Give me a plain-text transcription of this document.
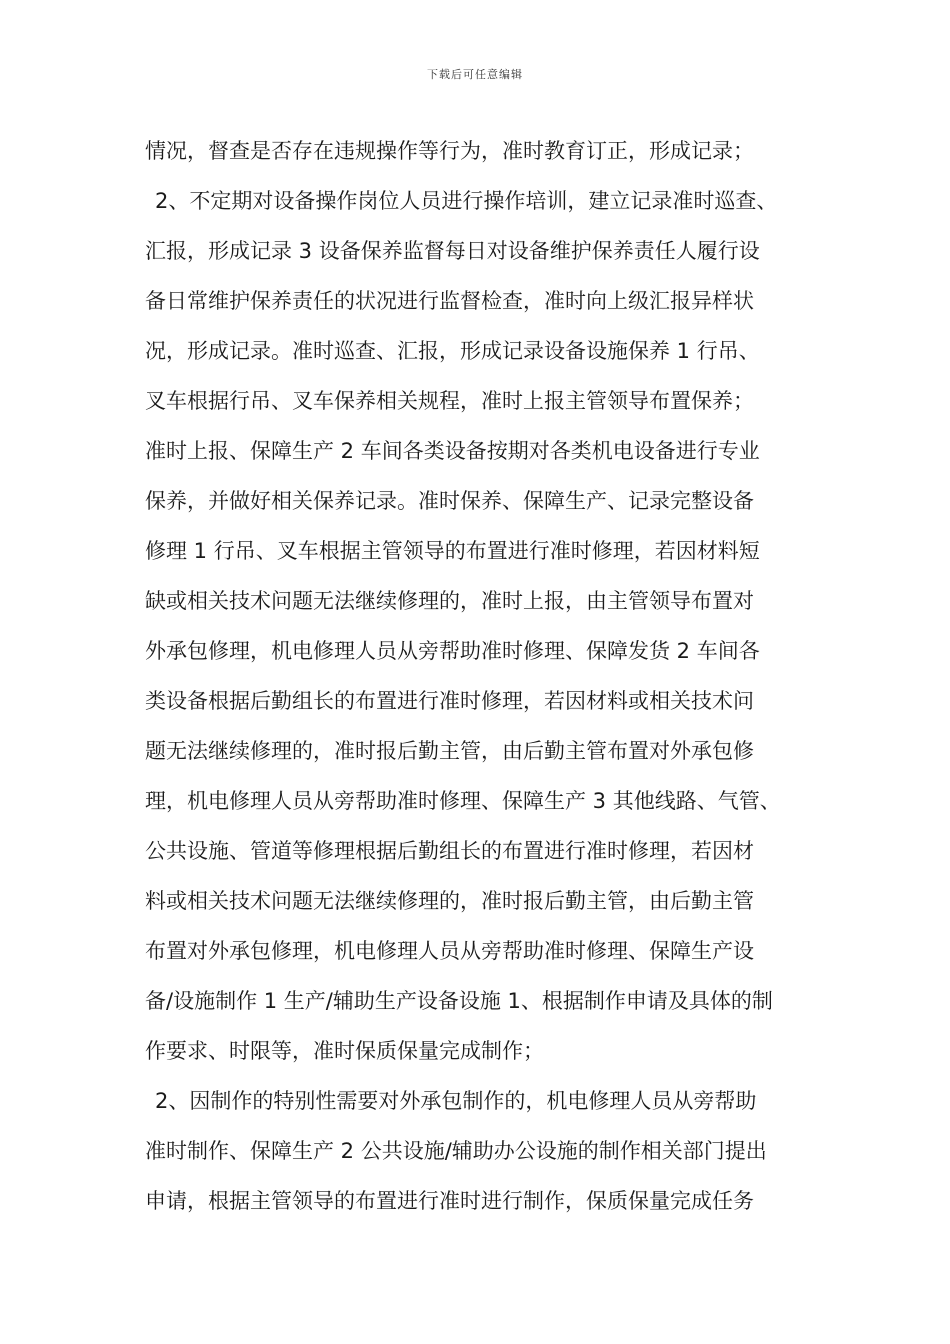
下载后可任意编辑
情况，督查是否存在违规操作等行为，准时教育订正，形成记录；
2、不定期对设备操作岗位人员进行操作培训，建立记录准时巡查、
汇报，形成记录 3 设备保养监督每日对设备维护保养责任人履行设
备日常维护保养责任的状况进行监督检查，准时向上级汇报异样状
况，形成记录。准时巡查、汇报，形成记录设备设施保养 1 行吊、
叉车根据行吊、叉车保养相关规程，准时上报主管领导布置保养；
准时上报、保障生产 2 车间各类设备按期对各类机电设备进行专业
保养，并做好相关保养记录。准时保养、保障生产、记录完整设备
修理 1 行吊、叉车根据主管领导的布置进行准时修理，若因材料短
缺或相关技术问题无法继续修理的，准时上报，由主管领导布置对
外承包修理，机电修理人员从旁帮助准时修理、保障发货 2 车间各
类设备根据后勤组长的布置进行准时修理，若因材料或相关技术问
题无法继续修理的，准时报后勤主管，由后勤主管布置对外承包修
理，机电修理人员从旁帮助准时修理、保障生产 3 其他线路、气管、
公共设施、管道等修理根据后勤组长的布置进行准时修理，若因材
料或相关技术问题无法继续修理的，准时报后勤主管，由后勤主管
布置对外承包修理，机电修理人员从旁帮助准时修理、保障生产设
备/设施制作 1 生产/辅助生产设备设施 1、根据制作申请及具体的制
作要求、时限等，准时保质保量完成制作；
2、因制作的特别性需要对外承包制作的，机电修理人员从旁帮助
准时制作、保障生产 2 公共设施/辅助办公设施的制作相关部门提出
申请，根据主管领导的布置进行准时进行制作，保质保量完成任务
